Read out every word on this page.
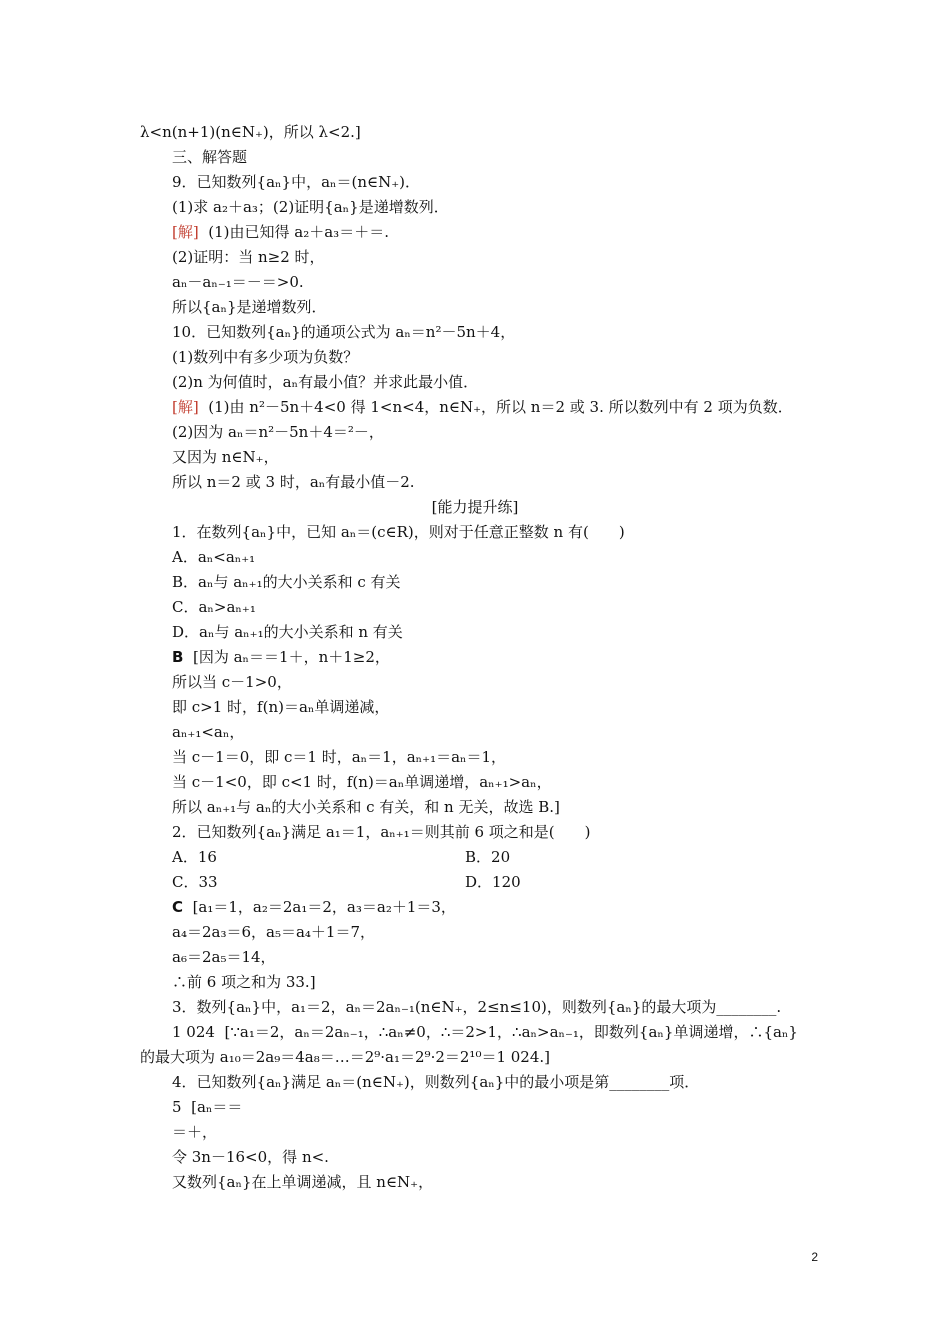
λ<n(n+1)(n∈N₊)，所以 λ<2.]
三、解答题
9．已知数列{aₙ}中，aₙ＝(n∈N₊)．
(1)求 a₂＋a₃；(2)证明{aₙ}是递增数列．
[解] (1)由已知得 a₂＋a₃＝＋＝.
(2)证明：当 n≥2 时，
aₙ－aₙ₋₁＝－＝>0.
所以{aₙ}是递增数列．
10．已知数列{aₙ}的通项公式为 aₙ＝n²－5n＋4，
(1)数列中有多少项为负数？
(2)n 为何值时，aₙ有最小值？并求此最小值．
[解] (1)由 n²－5n＋4<0 得 1<n<4，n∈N₊，所以 n＝2 或 3. 所以数列中有 2 项为负数．
(2)因为 aₙ＝n²－5n＋4＝²－，
又因为 n∈N₊，
所以 n＝2 或 3 时，aₙ有最小值－2.
[能力提升练]
1．在数列{aₙ}中，已知 aₙ＝(c∈R)，则对于任意正整数 n 有(　　)
A．aₙ<aₙ₊₁
B．aₙ与 aₙ₊₁的大小关系和 c 有关
C．aₙ>aₙ₊₁
D．aₙ与 aₙ₊₁的大小关系和 n 有关
B [因为 aₙ＝＝1＋，n＋1≥2，
所以当 c－1>0，
即 c>1 时，f(n)＝aₙ单调递减，
aₙ₊₁<aₙ，
当 c－1＝0，即 c＝1 时，aₙ＝1，aₙ₊₁＝aₙ＝1，
当 c－1<0，即 c<1 时，f(n)＝aₙ单调递增，aₙ₊₁>aₙ，
所以 aₙ₊₁与 aₙ的大小关系和 c 有关，和 n 无关，故选 B.]
2．已知数列{aₙ}满足 a₁＝1，aₙ₊₁＝则其前 6 项之和是(　　)
A．16	B．20
C．33	D．120
C [a₁＝1，a₂＝2a₁＝2，a₃＝a₂＋1＝3，
a₄＝2a₃＝6，a₅＝a₄＋1＝7，
a₆＝2a₅＝14，
∴前 6 项之和为 33.]
3．数列{aₙ}中，a₁＝2，aₙ＝2aₙ₋₁(n∈N₊，2≤n≤10)，则数列{aₙ}的最大项为________.
1 024 [∵a₁＝2，aₙ＝2aₙ₋₁，∴aₙ≠0，∴＝2>1，∴aₙ>aₙ₋₁，即数列{aₙ}单调递增，∴{aₙ}
的最大项为 a₁₀＝2a₉＝4a₈＝…＝2⁹·a₁＝2⁹·2＝2¹⁰＝1 024.]
4．已知数列{aₙ}满足 aₙ＝(n∈N₊)，则数列{aₙ}中的最小项是第________项．
5 [aₙ＝＝
＝＋，
令 3n－16<0，得 n<.
又数列{aₙ}在上单调递减，且 n∈N₊，
2
